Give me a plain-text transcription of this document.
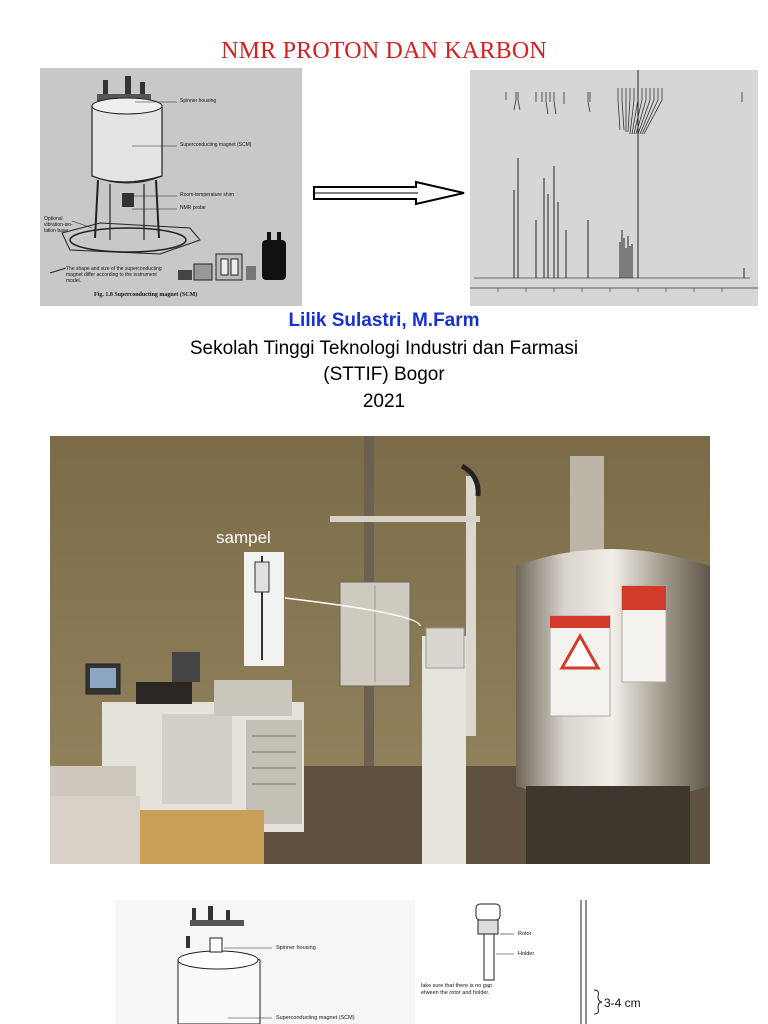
NMR PROTON DAN KARBON
Spinner housing
Superconducting magnet (SCM)
Room-temperature shim
NMR probe
Optional vibration-iso-lation base
The shape and size of the superconducting magnet differ according to the instrument model.
Fig. 1.8 Superconducting magnet (SCM)
Lilik Sulastri, M.Farm
Sekolah Tinggi Teknologi Industri dan Farmasi
(STTIF) Bogor
2021
sampel
Spinner housing
Superconducting magnet (SCM)
Rotor
Holder
lake sure that there is no gap
etween the rotor and holder.
3-4 cm
